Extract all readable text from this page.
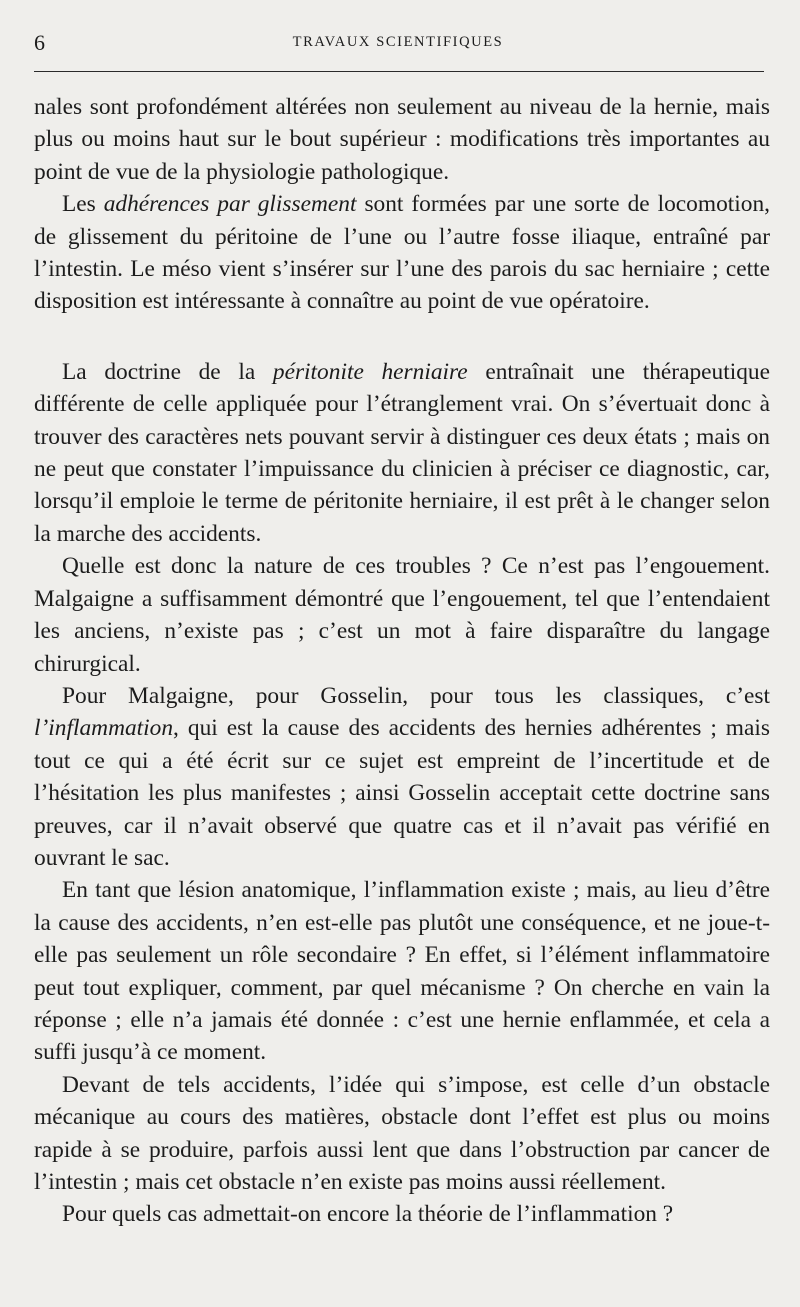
6	TRAVAUX SCIENTIFIQUES

nales sont profondément altérées non seulement au niveau de la hernie, mais plus ou moins haut sur le bout supérieur : modifications très importantes au point de vue de la physiologie pathologique.

Les adhérences par glissement sont formées par une sorte de locomotion, de glissement du péritoine de l’une ou l’autre fosse iliaque, entraîné par l’intestin. Le méso vient s’insérer sur l’une des parois du sac herniaire ; cette disposition est intéressante à connaître au point de vue opératoire.

La doctrine de la péritonite herniaire entraînait une thérapeutique différente de celle appliquée pour l’étranglement vrai. On s’évertuait donc à trouver des caractères nets pouvant servir à distinguer ces deux états ; mais on ne peut que constater l’impuissance du clinicien à préciser ce diagnostic, car, lorsqu’il emploie le terme de péritonite herniaire, il est prêt à le changer selon la marche des accidents.

Quelle est donc la nature de ces troubles ? Ce n’est pas l’engouement. Malgaigne a suffisamment démontré que l’engouement, tel que l’entendaient les anciens, n’existe pas ; c’est un mot à faire disparaître du langage chirurgical.

Pour Malgaigne, pour Gosselin, pour tous les classiques, c’est l’inflammation, qui est la cause des accidents des hernies adhérentes ; mais tout ce qui a été écrit sur ce sujet est empreint de l’incertitude et de l’hésitation les plus manifestes ; ainsi Gosselin acceptait cette doctrine sans preuves, car il n’avait observé que quatre cas et il n’avait pas vérifié en ouvrant le sac.

En tant que lésion anatomique, l’inflammation existe ; mais, au lieu d’être la cause des accidents, n’en est-elle pas plutôt une conséquence, et ne joue-t-elle pas seulement un rôle secondaire ? En effet, si l’élément inflammatoire peut tout expliquer, comment, par quel mécanisme ? On cherche en vain la réponse ; elle n’a jamais été donnée : c’est une hernie enflammée, et cela a suffi jusqu’à ce moment.

Devant de tels accidents, l’idée qui s’impose, est celle d’un obstacle mécanique au cours des matières, obstacle dont l’effet est plus ou moins rapide à se produire, parfois aussi lent que dans l’obstruction par cancer de l’intestin ; mais cet obstacle n’en existe pas moins aussi réellement.

Pour quels cas admettait-on encore la théorie de l’inflammation ?
